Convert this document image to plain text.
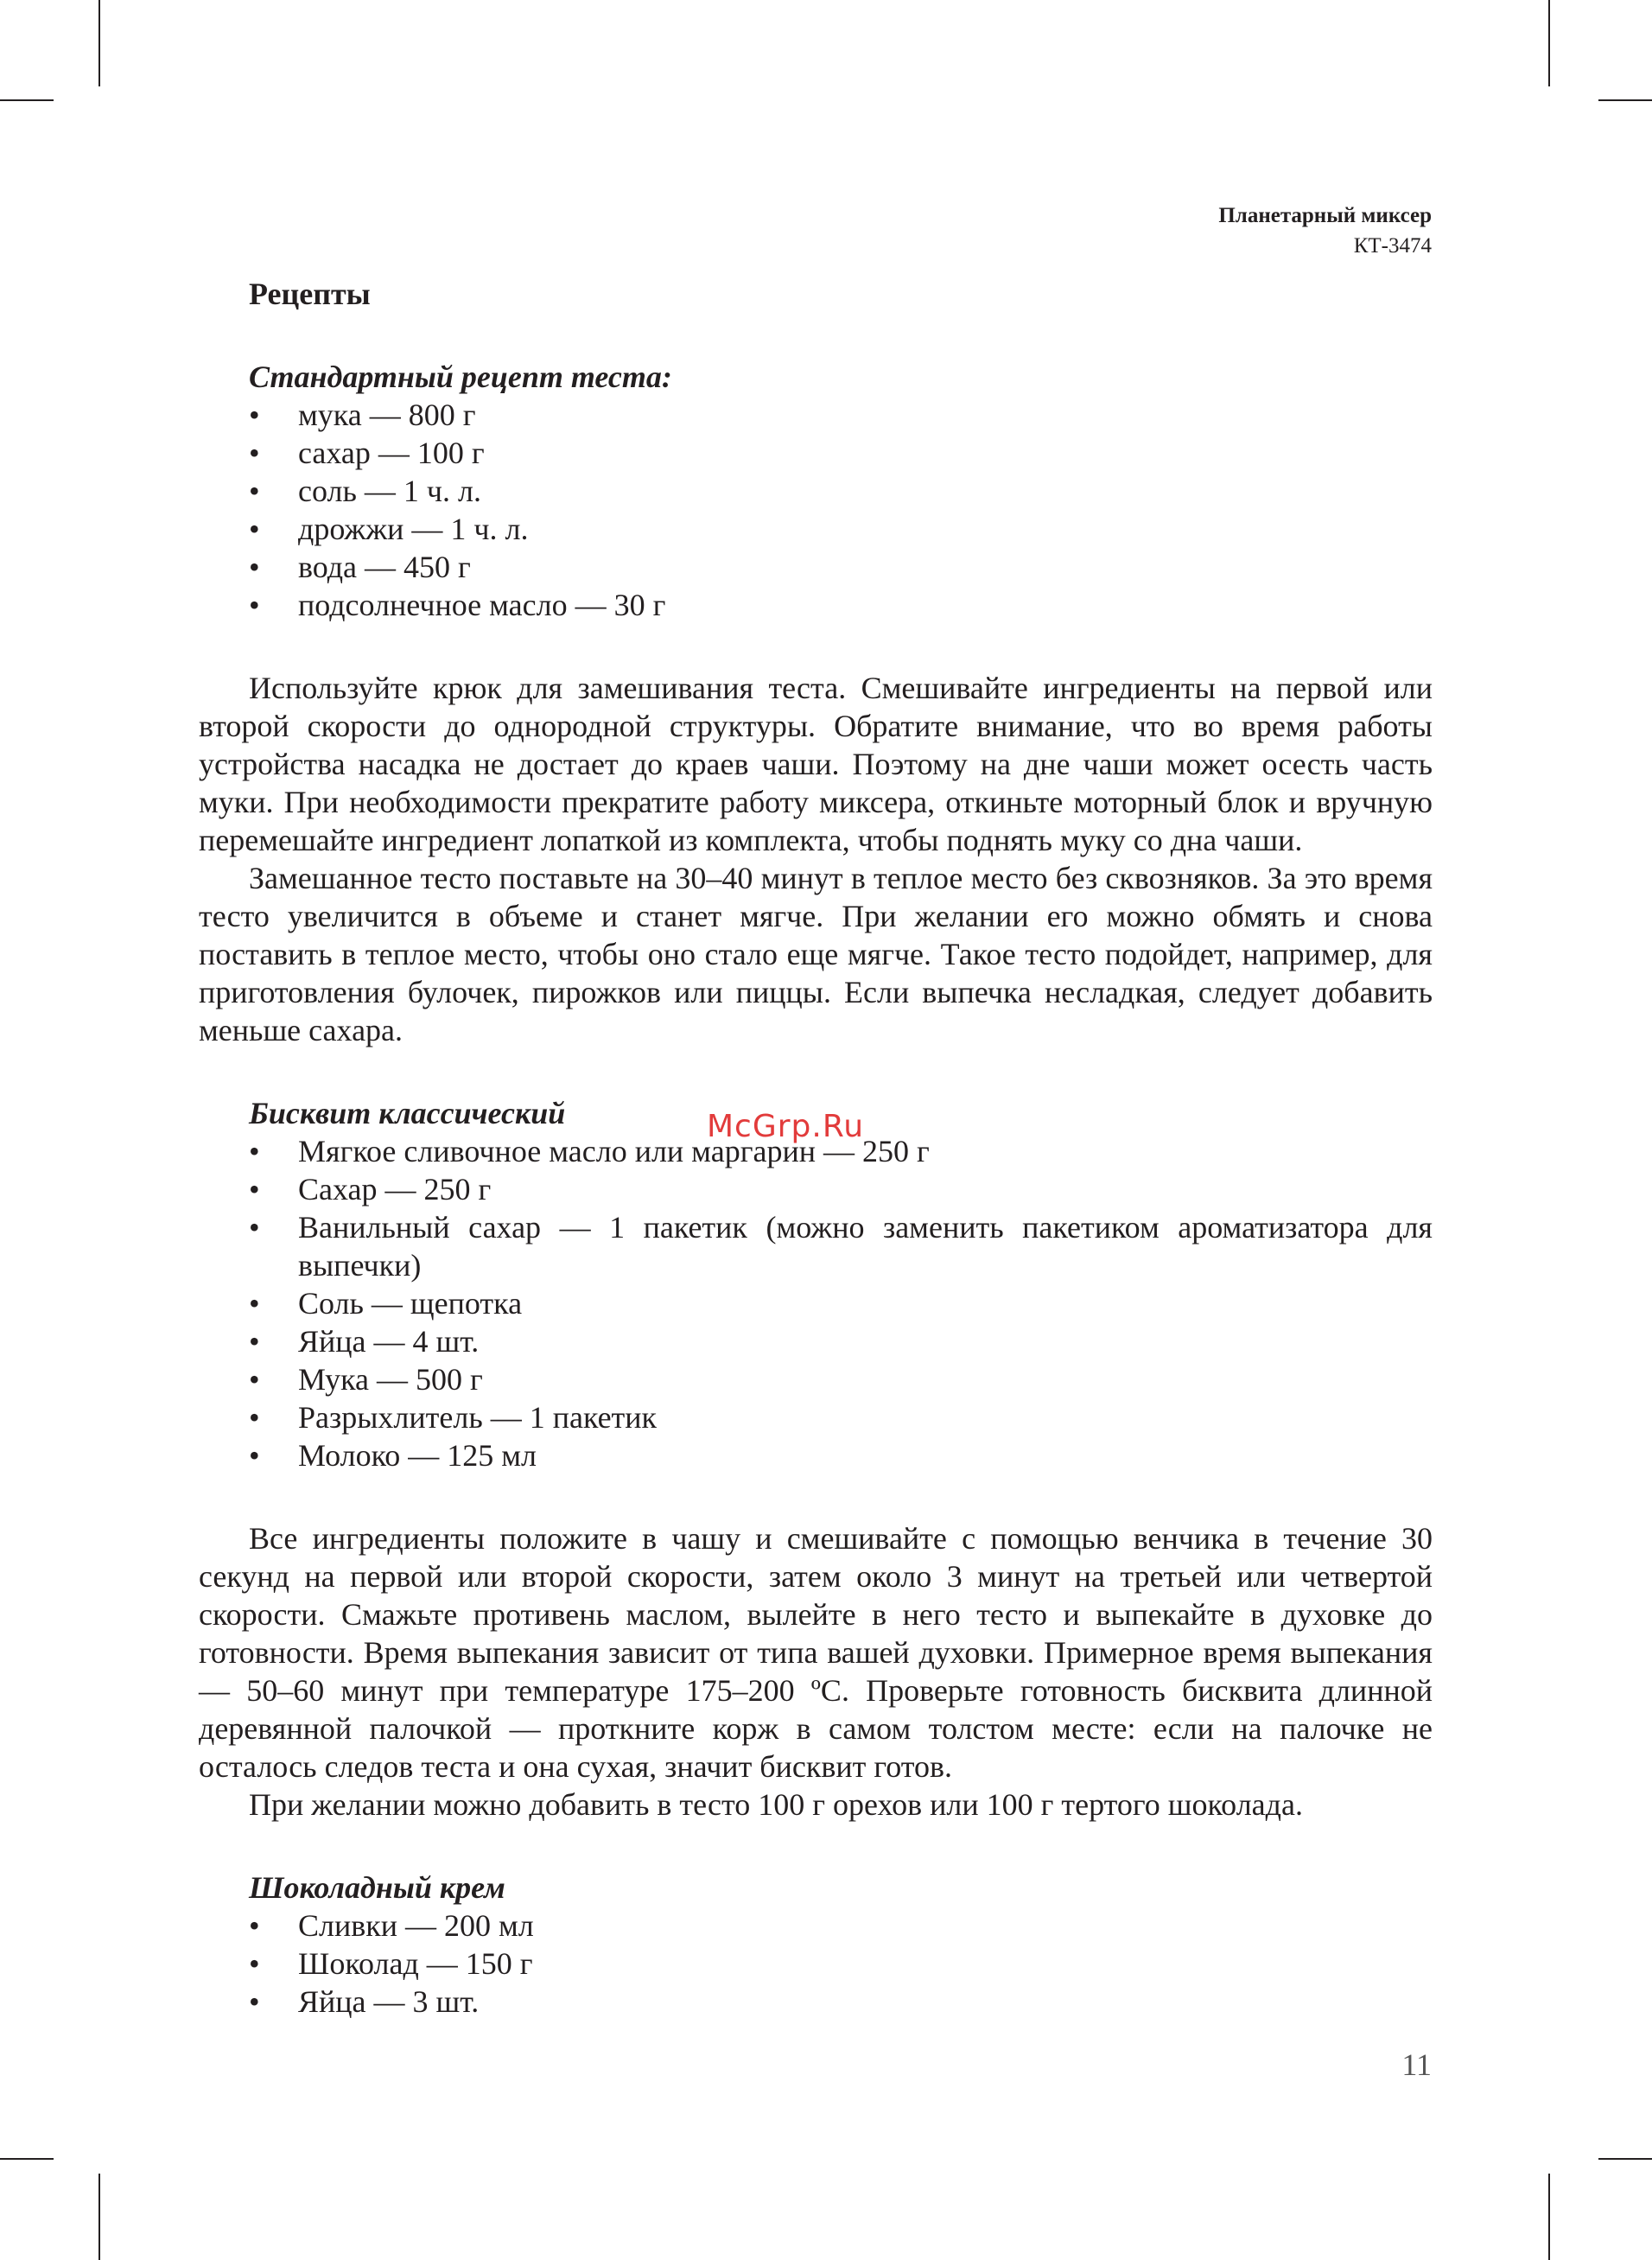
Планетарный миксер
КТ-3474
Рецепты
Стандартный рецепт теста:
• мука — 800 г
• сахар — 100 г
• соль — 1 ч. л.
• дрожжи — 1 ч. л.
• вода — 450 г
• подсолнечное масло — 30 г

Используйте крюк для замешивания теста. Смешивайте ингредиенты на первой или второй скорости до однородной структуры. Обратите внимание, что во время работы устройства насадка не достает до краев чаши. Поэтому на дне чаши может осесть часть муки. При необходимости прекратите работу миксера, откиньте моторный блок и вручную перемешайте ингредиент лопаткой из комплекта, чтобы поднять муку со дна чаши.

Замешанное тесто поставьте на 30–40 минут в теплое место без сквозняков. За это время тесто увеличится в объеме и станет мягче. При желании его можно обмять и снова поставить в теплое место, чтобы оно стало еще мягче. Такое тесто подойдет, например, для приготовления булочек, пирожков или пиццы. Если выпечка несладкая, следует добавить меньше сахара.

Бисквит классический
• Мягкое сливочное масло или маргарин — 250 г
• Сахар — 250 г
• Ванильный сахар — 1 пакетик (можно заменить пакетиком ароматизатора для выпечки)
• Соль — щепотка
• Яйца — 4 шт.
• Мука — 500 г
• Разрыхлитель — 1 пакетик
• Молоко — 125 мл

Все ингредиенты положите в чашу и смешивайте с помощью венчика в течение 30 секунд на первой или второй скорости, затем около 3 минут на третьей или четвертой скорости. Смажьте противень маслом, вылейте в него тесто и выпекайте в духовке до готовности. Время выпекания зависит от типа вашей духовки. Примерное время выпекания — 50–60 минут при температуре 175–200 ºС. Проверьте готовность бисквита длинной деревянной палочкой — проткните корж в самом толстом месте: если на палочке не осталось следов теста и она сухая, значит бисквит готов.

При желании можно добавить в тесто 100 г орехов или 100 г тертого шоколада.

Шоколадный крем
• Сливки — 200 мл
• Шоколад — 150 г
• Яйца — 3 шт.
McGrp.Ru
11
